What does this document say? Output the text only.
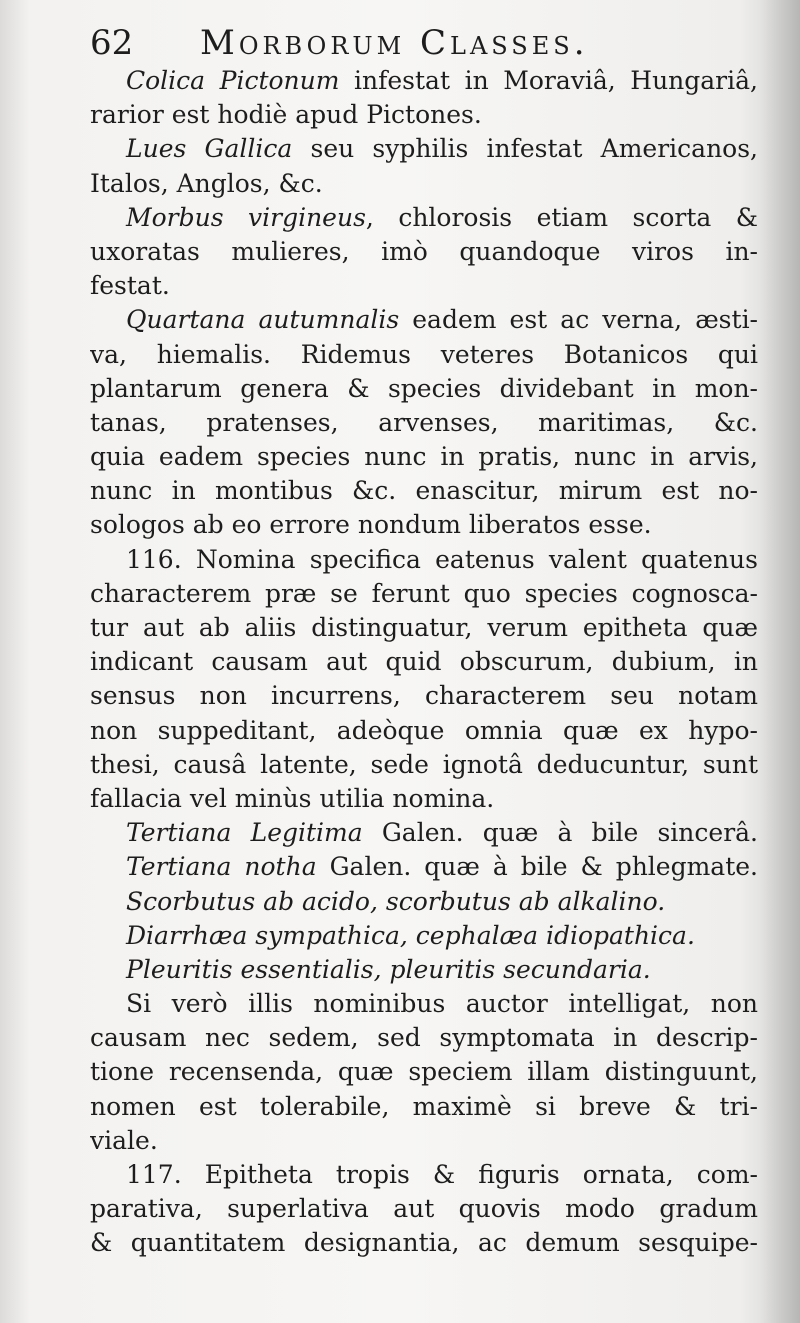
62 Morborum Classes.
Colica Pictonum infestat in Moraviâ, Hungariâ,
rarior est hodiè apud Pictones.
Lues Gallica seu syphilis infestat Americanos,
Italos, Anglos, &c.
Morbus virgineus, chlorosis etiam scorta &
uxoratas mulieres, imò quandoque viros in-
festat.
Quartana autumnalis eadem est ac verna, æsti-
va, hiemalis. Ridemus veteres Botanicos qui
plantarum genera & species dividebant in mon-
tanas, pratenses, arvenses, maritimas, &c.
quia eadem species nunc in pratis, nunc in arvis,
nunc in montibus &c. enascitur, mirum est no-
sologos ab eo errore nondum liberatos esse.
116. Nomina specifica eatenus valent quatenus
characterem præ se ferunt quo species cognosca-
tur aut ab aliis distinguatur, verum epitheta quæ
indicant causam aut quid obscurum, dubium, in
sensus non incurrens, characterem seu notam
non suppeditant, adeòque omnia quæ ex hypo-
thesi, causâ latente, sede ignotâ deducuntur, sunt
fallacia vel minùs utilia nomina.
Tertiana Legitima Galen. quæ à bile sincerâ.
Tertiana notha Galen. quæ à bile & phlegmate.
Scorbutus ab acido, scorbutus ab alkalino.
Diarrhæa sympathica, cephalæa idiopathica.
Pleuritis essentialis, pleuritis secundaria.
Si verò illis nominibus auctor intelligat, non
causam nec sedem, sed symptomata in descrip-
tione recensenda, quæ speciem illam distinguunt,
nomen est tolerabile, maximè si breve & tri-
viale.
117. Epitheta tropis & figuris ornata, com-
parativa, superlativa aut quovis modo gradum
& quantitatem designantia, ac demum sesquipe-
